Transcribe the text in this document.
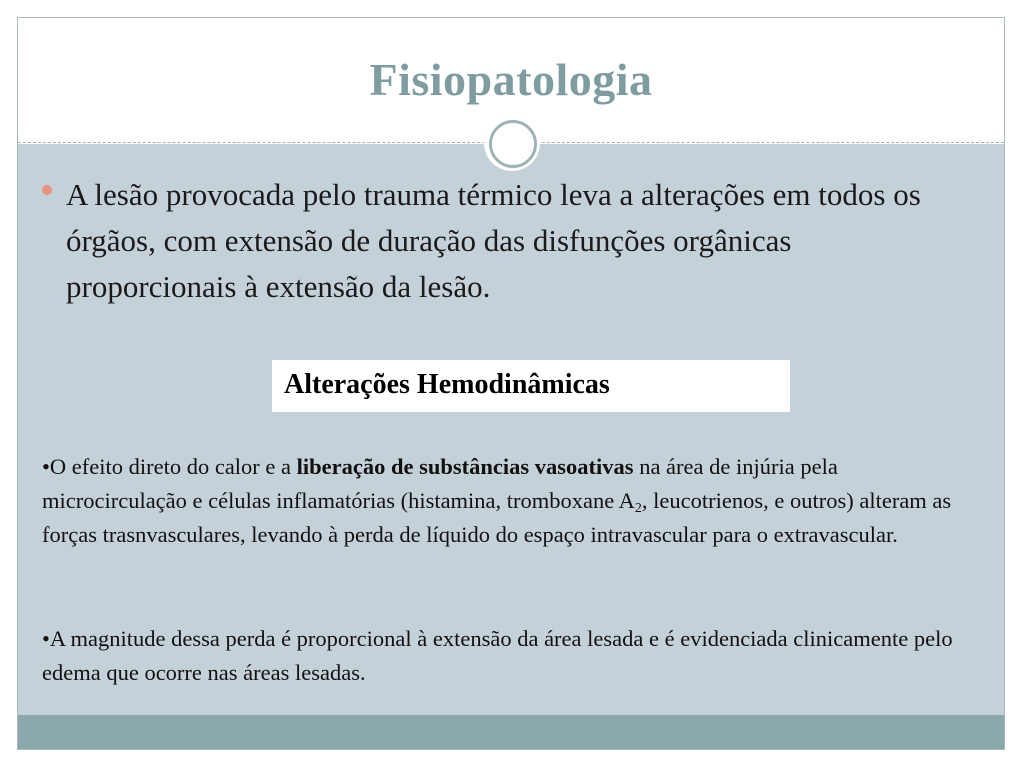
Fisiopatologia
A lesão provocada pelo trauma térmico leva a alterações em todos os órgãos, com extensão de duração das disfunções orgânicas proporcionais à extensão da lesão.
Alterações Hemodinâmicas
•O efeito direto do calor e a liberação de substâncias vasoativas na área de injúria pela microcirculação e células inflamatórias (histamina, tromboxane $A_2$, leucotrienos, e outros) alteram as forças trasnvasculares, levando à perda de líquido do espaço intravascular para o extravascular.
•A magnitude dessa perda é proporcional à extensão da área lesada e é evidenciada clinicamente pelo edema que ocorre nas áreas lesadas.
